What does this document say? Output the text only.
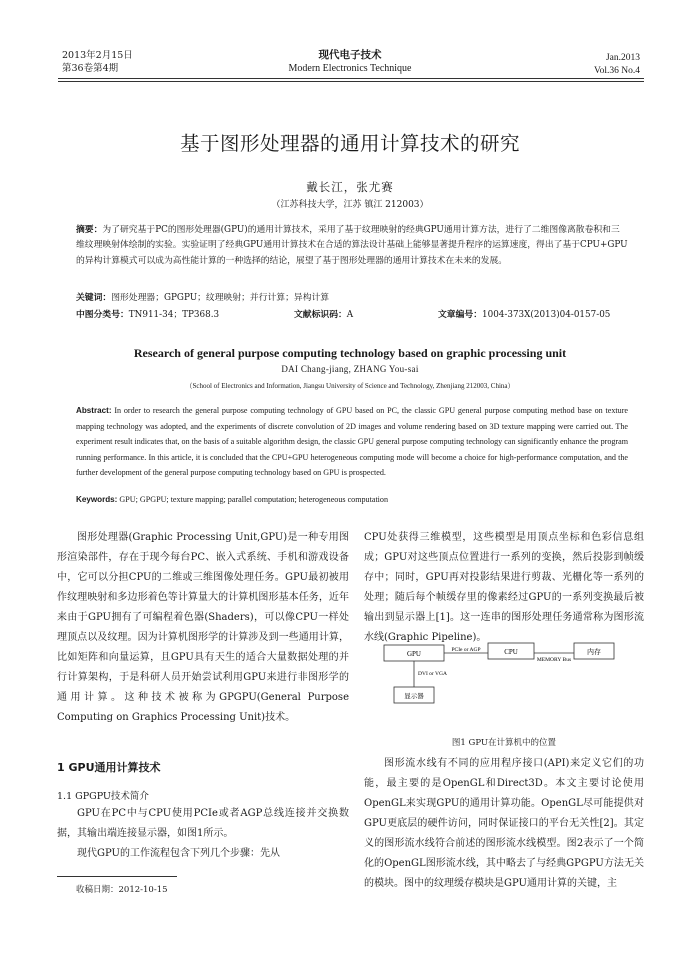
2013年2月15日
第36卷第4期
现代电子技术
Modern Electronics Technique
Jan.2013
Vol.36 No.4
基于图形处理器的通用计算技术的研究
戴长江，张尤赛
（江苏科技大学，江苏 镇江 212003）
摘要：为了研究基于PC的图形处理器(GPU)的通用计算技术，采用了基于纹理映射的经典GPU通用计算方法，进行了二维图像离散卷积和三维纹理映射体绘制的实验。实验证明了经典GPU通用计算技术在合适的算法设计基础上能够显著提升程序的运算速度，得出了基于CPU+GPU的异构计算模式可以成为高性能计算的一种选择的结论，展望了基于图形处理器的通用计算技术在未来的发展。
关键词：图形处理器；GPGPU；纹理映射；并行计算；异构计算
中图分类号：TN911-34；TP368.3	文献标识码：A	文章编号：1004-373X(2013)04-0157-05
Research of general purpose computing technology based on graphic processing unit
DAI Chang-jiang, ZHANG You-sai
（School of Electronics and Information, Jiangsu University of Science and Technology, Zhenjiang 212003, China）
Abstract: In order to research the general purpose computing technology of GPU based on PC, the classic GPU general purpose computing method base on texture mapping technology was adopted, and the experiments of discrete convolution of 2D images and volume rendering based on 3D texture mapping were carried out. The experiment result indicates that, on the basis of a suitable algorithm design, the classic GPU general purpose computing technology can significantly enhance the program running performance. In this article, it is concluded that the CPU+GPU heterogeneous computing mode will become a choice for high-performance computation, and the further development of the general purpose computing technology based on GPU is prospected.
Keywords: GPU; GPGPU; texture mapping; parallel computation; heterogeneous computation
图形处理器(Graphic Processing Unit,GPU)是一种专用图形渲染部件，存在于现今每台PC、嵌入式系统、手机和游戏设备中，它可以分担CPU的二维或三维图像处理任务。GPU最初被用作纹理映射和多边形着色等计算量大的计算机图形基本任务，近年来由于GPU拥有了可编程着色器(Shaders)，可以像CPU一样处理顶点以及纹理。因为计算机图形学的计算涉及到一些通用计算，比如矩阵和向量运算，且GPU具有天生的适合大量数据处理的并行计算架构，于是科研人员开始尝试利用GPU来进行非图形学的通用计算。这种技术被称为GPGPU(General Purpose Computing on Graphics Processing Unit)技术。
1 GPU通用计算技术
1.1 GPGPU技术简介
GPU在PC中与CPU使用PCIe或者AGP总线连接并交换数据，其输出端连接显示器，如图1所示。
现代GPU的工作流程包含下列几个步骤：先从
收稿日期：2012-10-15
CPU处获得三维模型，这些模型是用顶点坐标和色彩信息组成；GPU对这些顶点位置进行一系列的变换，然后投影到帧缓存中；同时，GPU再对投影结果进行剪裁、光栅化等一系列的处理；随后每个帧缓存里的像素经过GPU的一系列变换最后被输出到显示器上[1]。这一连串的图形处理任务通常称为图形流水线(Graphic Pipeline)。
GPU	CPU	内存
PCIe or AGP
MEMORY Bus
DVI or VGA
显示器
图1 GPU在计算机中的位置
图形流水线有不同的应用程序接口(API)来定义它们的功能，最主要的是OpenGL和Direct3D。本文主要讨论使用OpenGL来实现GPU的通用计算功能。OpenGL尽可能提供对GPU更底层的硬件访问，同时保证接口的平台无关性[2]。其定义的图形流水线符合前述的图形流水线模型。图2表示了一个简化的OpenGL图形流水线，其中略去了与经典GPGPU方法无关的模块。图中的纹理缓存模块是GPU通用计算的关键，主
